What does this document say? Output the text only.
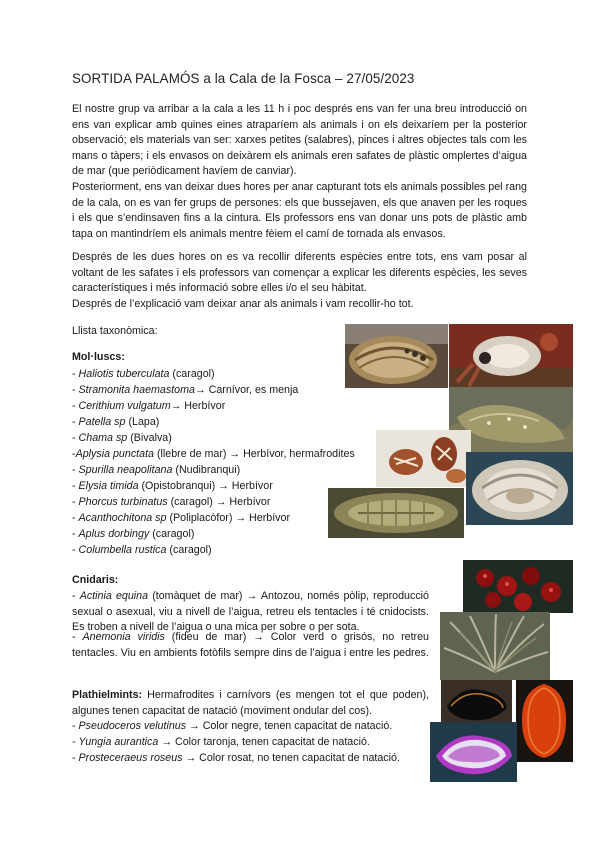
SORTIDA PALAMÓS a la Cala de la Fosca – 27/05/2023

El nostre grup va arribar a la cala a les 11 h i poc després ens van fer una breu introducció on ens van explicar amb quines eines atraparíem als animals i on els deixaríem per la posterior observació; els materials van ser: xarxes petites (salabres), pinces i altres objectes tals com les mans o tàpers; i els envasos on deixàrem els animals eren safates de plàstic omplertes d’aigua de mar (que periòdicament havíem de canviar).

Posteriorment, ens van deixar dues hores per anar capturant tots els animals possibles pel rang de la cala, on es van fer grups de persones: els que bussejaven, els que anaven per les roques i els que s’endinsaven fins a la cintura. Els professors ens van donar uns pots de plàstic amb tapa on mantindríem els animals mentre fèiem el camí de tornada als envasos.

Després de les dues hores on es va recollir diferents espècies entre tots, ens vam posar al voltant de les safates i els professors van començar a explicar les diferents espècies, les seves característiques i més informació sobre elles i/o el seu hàbitat.

Després de l’explicació vam deixar anar als animals i vam recollir-ho tot.

Llista taxonòmica:
Mol·luscs:
- Haliotis tuberculata (caragol)
- Stramonita haemastoma→ Carnívor, es menja
- Cerithium vulgatum→ Herbívor
- Patella sp (Lapa)
- Chama sp (Bivalva)
-Aplysia punctata (llebre de mar) → Herbívor, hermafrodites
- Spurilla neapolitana (Nudibranqui)
- Elysia timida (Opistobranqui) → Herbívor
- Phorcus turbinatus (caragol) → Herbívor
- Acanthochitona sp (Poliplacòfor) → Herbívor
- Aplus dorbingy (caragol)
- Columbella rustica (caragol)
Cnidaris:

- Actinia equina (tomàquet de mar) → Antozou, només pòlip, reproducció sexual o asexual, viu a nivell de l’aigua, retreu els tentacles i té cnidocists. Es troben a nivell de l’aigua o una mica per sobre o per sota.

- Anemonia viridis (fideu de mar) → Color verd o grisós, no retreu tentacles. Viu en ambients fotòfils sempre dins de l’aigua i entre les pedres.

Plathielmints: Hermafrodites i carnívors (es mengen tot el que poden), algunes tenen capacitat de natació (moviment ondular del cos).

- Pseudoceros velutinus → Color negre, tenen capacitat de natació.
- Yungia aurantica → Color taronja, tenen capacitat de natació.
- Prosteceraeus roseus → Color rosat, no tenen capacitat de natació.
